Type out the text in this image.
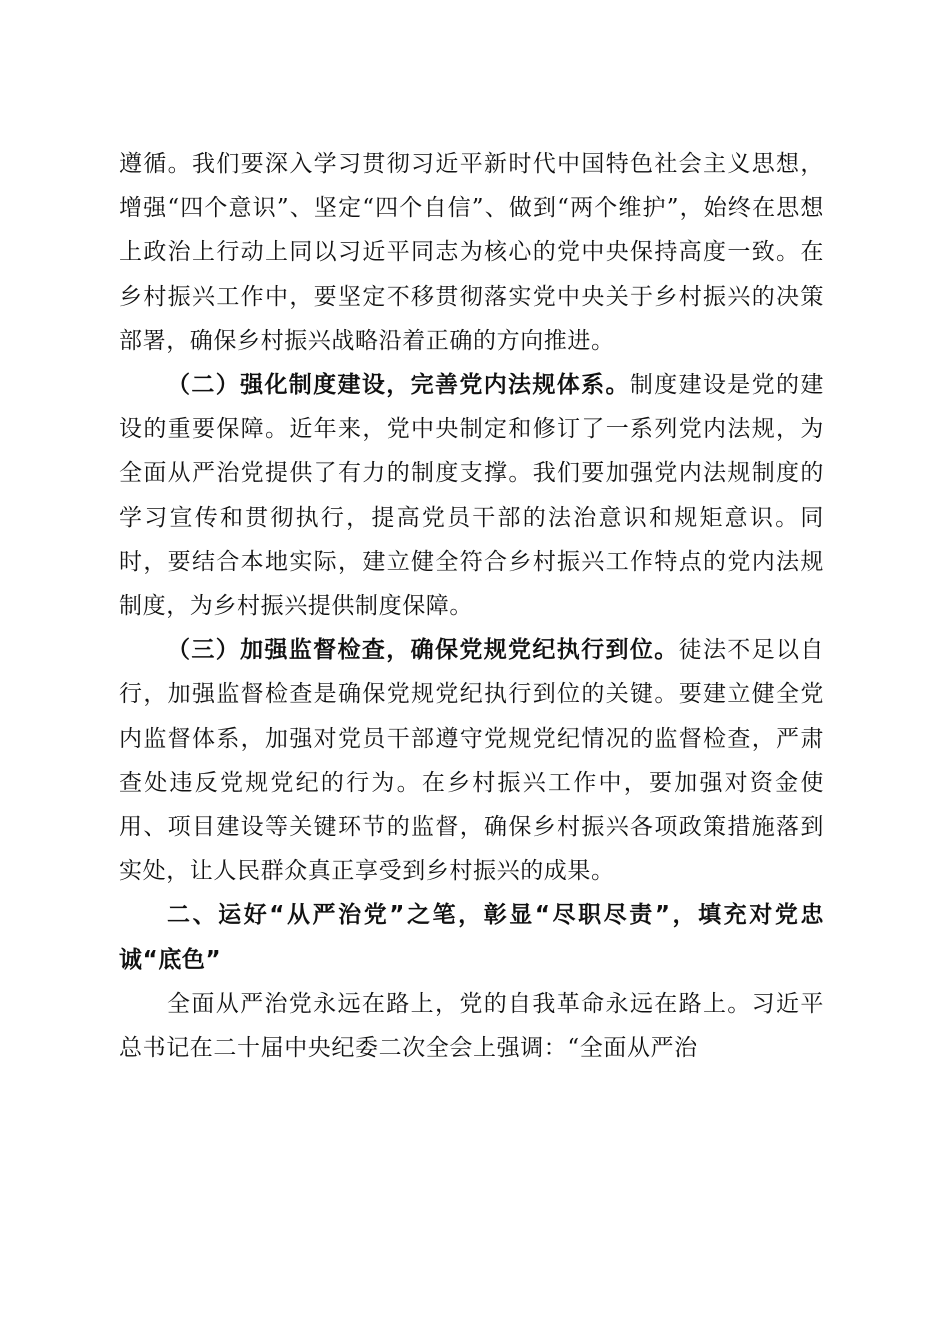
遵循。我们要深入学习贯彻习近平新时代中国特色社会主义思想，增强“四个意识”、坚定“四个自信”、做到“两个维护”，始终在思想上政治上行动上同以习近平同志为核心的党中央保持高度一致。在乡村振兴工作中，要坚定不移贯彻落实党中央关于乡村振兴的决策部署，确保乡村振兴战略沿着正确的方向推进。

（二）强化制度建设，完善党内法规体系。制度建设是党的建设的重要保障。近年来，党中央制定和修订了一系列党内法规，为全面从严治党提供了有力的制度支撑。我们要加强党内法规制度的学习宣传和贯彻执行，提高党员干部的法治意识和规矩意识。同时，要结合本地实际，建立健全符合乡村振兴工作特点的党内法规制度，为乡村振兴提供制度保障。

（三）加强监督检查，确保党规党纪执行到位。徒法不足以自行，加强监督检查是确保党规党纪执行到位的关键。要建立健全党内监督体系，加强对党员干部遵守党规党纪情况的监督检查，严肃查处违反党规党纪的行为。在乡村振兴工作中，要加强对资金使用、项目建设等关键环节的监督，确保乡村振兴各项政策措施落到实处，让人民群众真正享受到乡村振兴的成果。

二、运好“从严治党”之笔，彰显“尽职尽责”，填充对党忠诚“底色”

全面从严治党永远在路上，党的自我革命永远在路上。习近平总书记在二十届中央纪委二次全会上强调：“全面从严治
